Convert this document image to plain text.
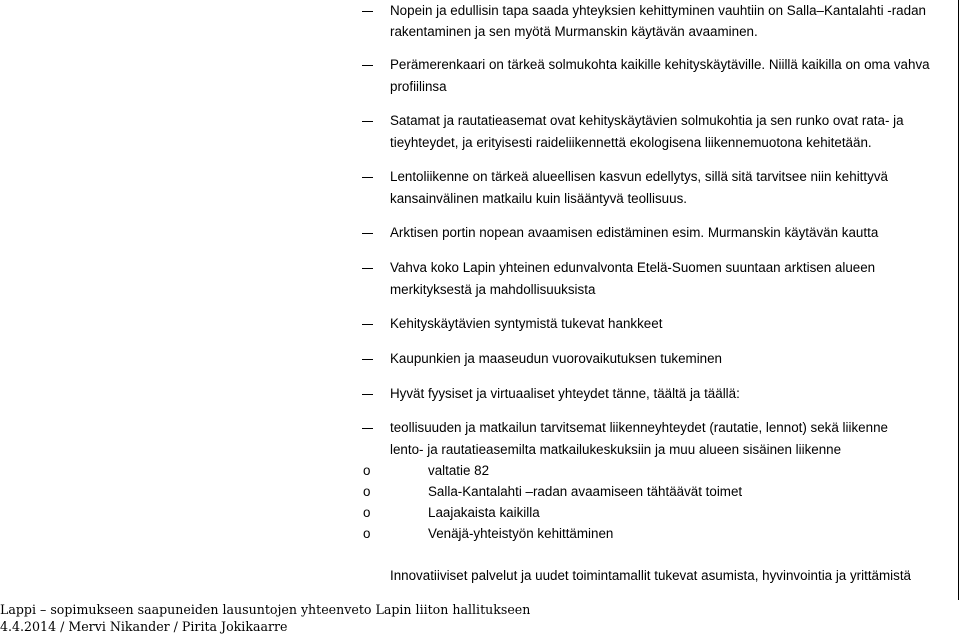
Nopein ja edullisin tapa saada yhteyksien kehittyminen vauhtiin on Salla–Kantalahti -radan
rakentaminen ja sen myötä Murmanskin käytävän avaaminen.
Perämerenkaari on tärkeä solmukohta kaikille kehityskäytäville. Niillä kaikilla on oma vahva
profiilinsa
Satamat ja rautatieasemat ovat kehityskäytävien solmukohtia ja sen runko ovat rata- ja
tieyhteydet, ja erityisesti raideliikennettä ekologisena liikennemuotona kehitetään.
Lentoliikenne on tärkeä alueellisen kasvun edellytys, sillä sitä tarvitsee niin kehittyvä
kansainvälinen matkailu kuin lisääntyvä teollisuus.
Arktisen portin nopean avaamisen edistäminen esim. Murmanskin käytävän kautta
Vahva koko Lapin yhteinen edunvalvonta Etelä-Suomen suuntaan arktisen alueen
merkityksestä ja mahdollisuuksista
Kehityskäytävien syntymistä tukevat hankkeet
Kaupunkien ja maaseudun vuorovaikutuksen tukeminen
Hyvät fyysiset ja virtuaaliset yhteydet tänne, täältä ja täällä:
teollisuuden ja matkailun tarvitsemat liikenneyhteydet (rautatie, lennot) sekä liikenne
lento- ja rautatieasemilta matkailukeskuksiin ja muu alueen sisäinen liikenne
o	valtatie 82
o	Salla-Kantalahti –radan avaamiseen tähtäävät toimet
o	Laajakaista kaikilla
o	Venäjä-yhteistyön kehittäminen
Innovatiiviset palvelut ja uudet toimintamallit tukevat asumista, hyvinvointia ja yrittämistä
Lappi – sopimukseen saapuneiden lausuntojen yhteenveto Lapin liiton hallitukseen
4.4.2014 / Mervi Nikander / Pirita Jokikaarre
